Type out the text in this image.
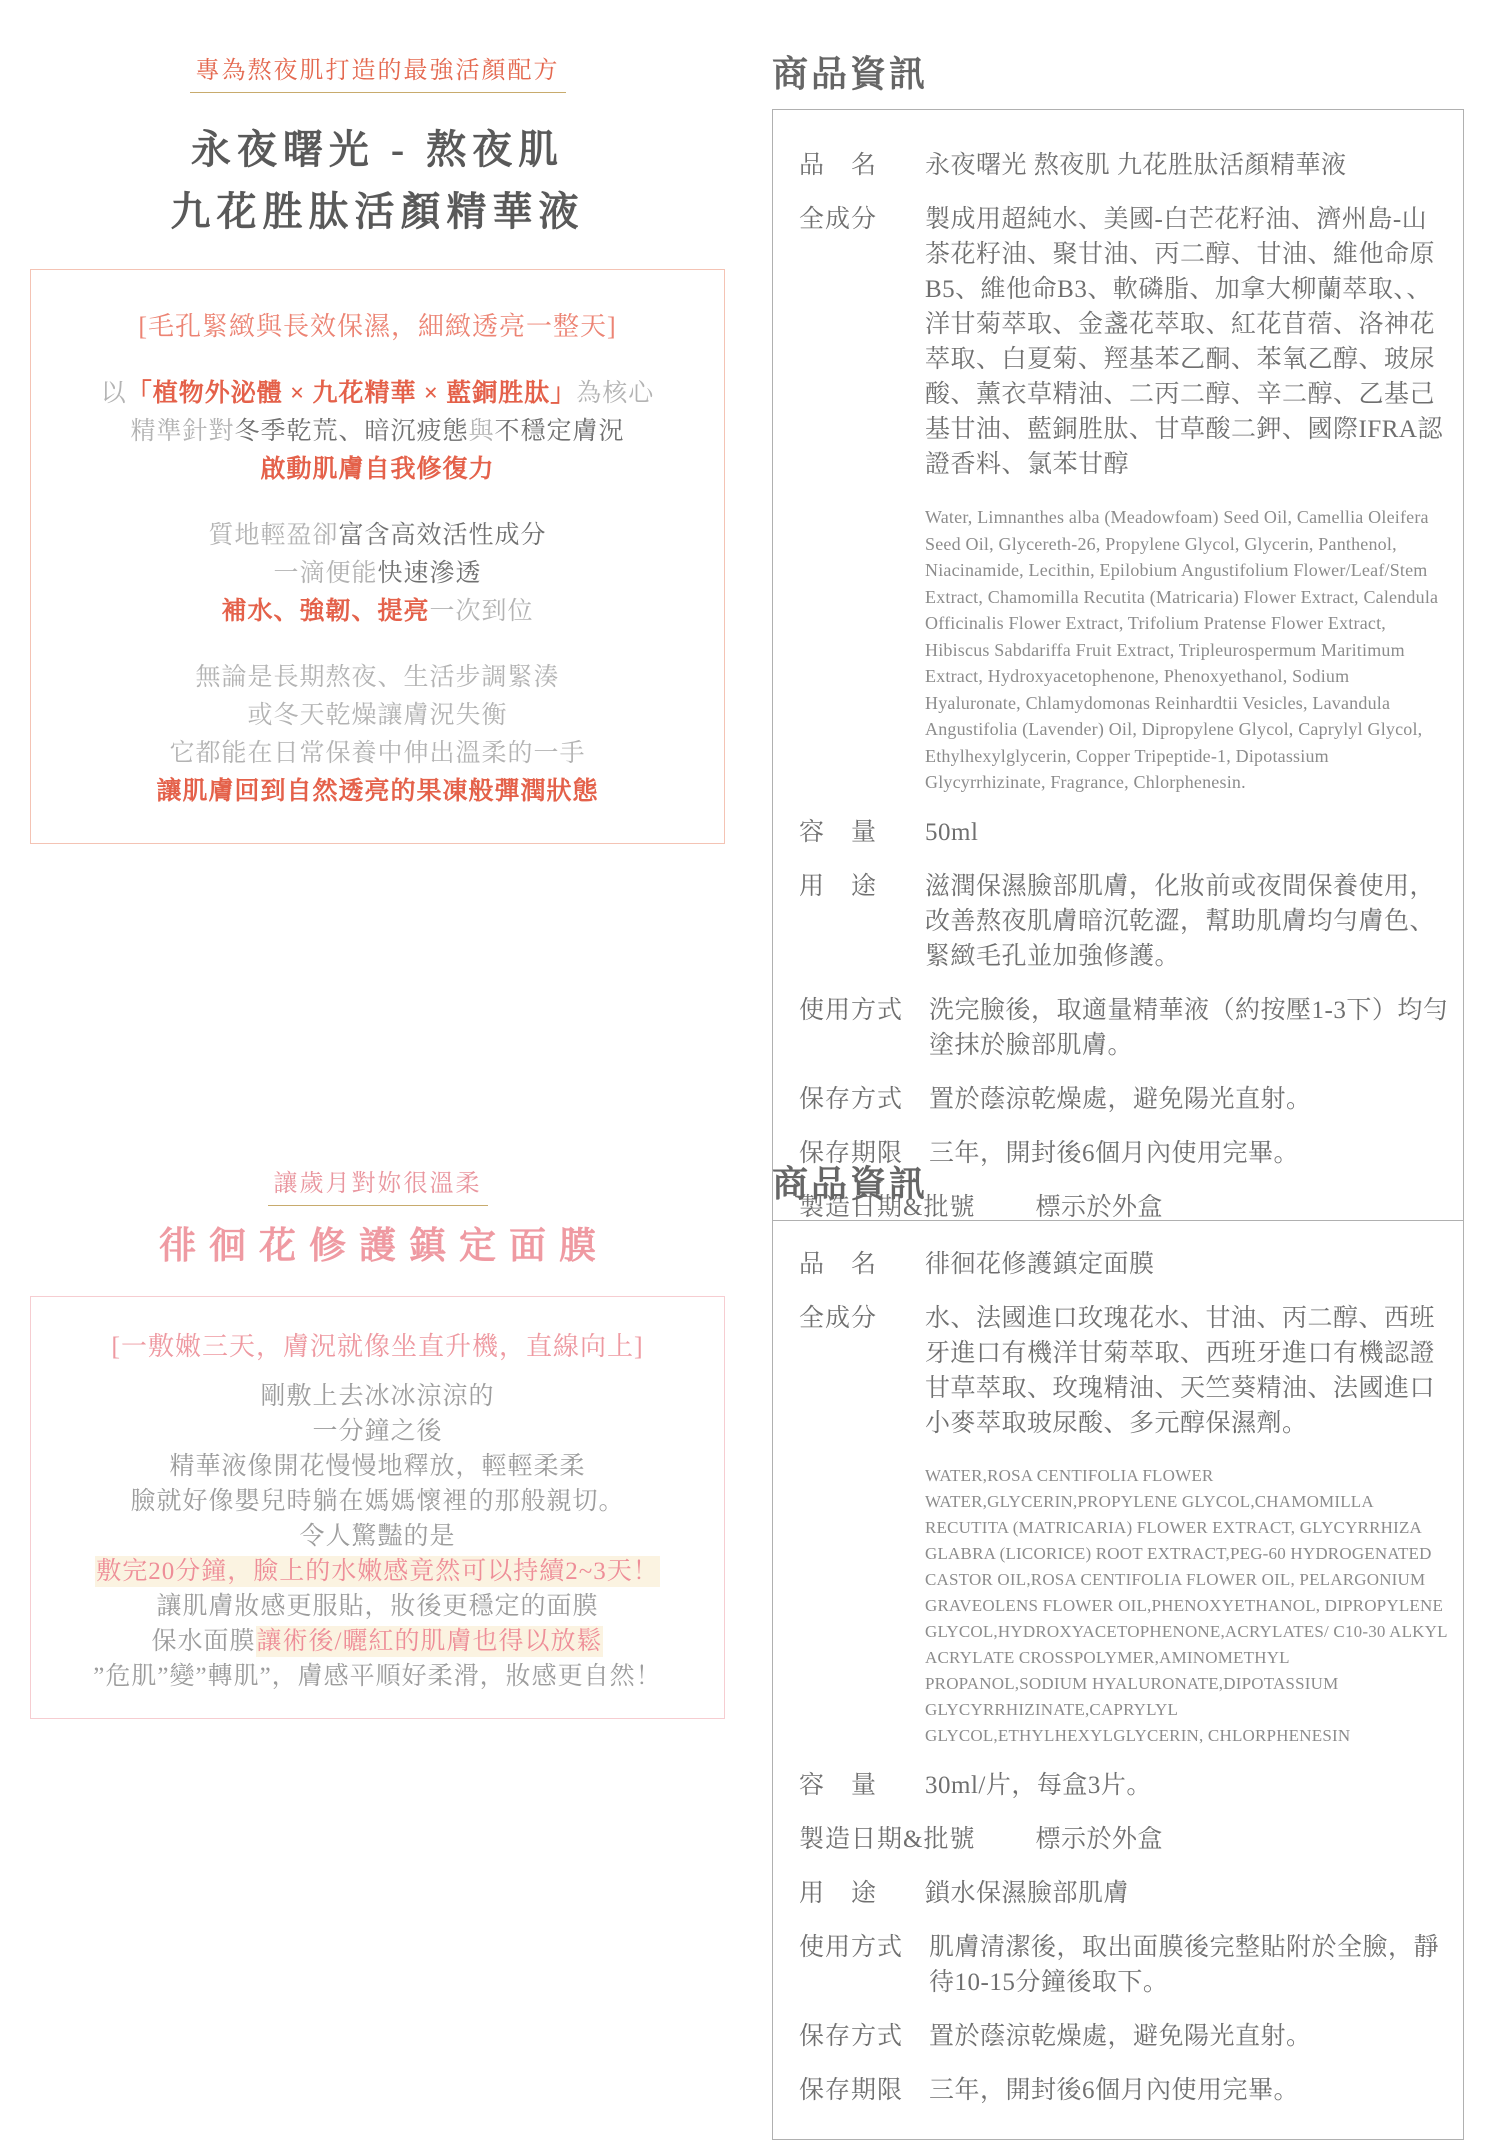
專為熬夜肌打造的最強活顏配方
永夜曙光 - 熬夜肌
九花胜肽活顏精華液
[毛孔緊緻與長效保濕，細緻透亮一整天]
以「植物外泌體 × 九花精華 × 藍銅胜肽」為核心
精準針對冬季乾荒、暗沉疲態與不穩定膚況
啟動肌膚自我修復力
質地輕盈卻富含高效活性成分
一滴便能快速滲透
補水、強韌、提亮一次到位
無論是長期熬夜、生活步調緊湊
或冬天乾燥讓膚況失衡
它都能在日常保養中伸出溫柔的一手
讓肌膚回到自然透亮的果凍般彈潤狀態
讓歲月對妳很溫柔
徘徊花修護鎮定面膜
[一敷嫩三天，膚況就像坐直升機，直線向上]
剛敷上去冰冰涼涼的
一分鐘之後
精華液像開花慢慢地釋放，輕輕柔柔
臉就好像嬰兒時躺在媽媽懷裡的那般親切。
令人驚豔的是
敷完20分鐘，臉上的水嫩感竟然可以持續2~3天！
讓肌膚妝感更服貼，妝後更穩定的面膜
保水面膜讓術後/曬紅的肌膚也得以放鬆
”危肌”變”轉肌”，膚感平順好柔滑，妝感更自然！
商品資訊
品　名	永夜曙光 熬夜肌 九花胜肽活顏精華液
全成分	製成用超純水、美國-白芒花籽油、濟州島-山茶花籽油、聚甘油、丙二醇、甘油、維他命原B5、維他命B3、軟磷脂、加拿大柳蘭萃取、、洋甘菊萃取、金盞花萃取、紅花苜蓿、洛神花萃取、白夏菊、羥基苯乙酮、苯氧乙醇、玻尿酸、薰衣草精油、二丙二醇、辛二醇、乙基己基甘油、藍銅胜肽、甘草酸二鉀、國際IFRA認證香料、氯苯甘醇
Water, Limnanthes alba (Meadowfoam) Seed Oil, Camellia Oleifera Seed Oil, Glycereth-26, Propylene Glycol, Glycerin, Panthenol, Niacinamide, Lecithin, Epilobium Angustifolium Flower/Leaf/Stem Extract, Chamomilla Recutita (Matricaria) Flower Extract, Calendula Officinalis Flower Extract, Trifolium Pratense Flower Extract, Hibiscus Sabdariffa Fruit Extract, Tripleurospermum Maritimum Extract, Hydroxyacetophenone, Phenoxyethanol, Sodium Hyaluronate, Chlamydomonas Reinhardtii Vesicles, Lavandula Angustifolia (Lavender) Oil, Dipropylene Glycol, Caprylyl Glycol, Ethylhexylglycerin, Copper Tripeptide-1, Dipotassium Glycyrrhizinate, Fragrance, Chlorphenesin.
容　量	50ml
用　途	滋潤保濕臉部肌膚，化妝前或夜間保養使用，改善熬夜肌膚暗沉乾澀，幫助肌膚均勻膚色、緊緻毛孔並加強修護。
使用方式 洗完臉後，取適量精華液（約按壓1-3下）均勻塗抹於臉部肌膚。
保存方式 置於蔭涼乾燥處，避免陽光直射。
保存期限 三年，開封後6個月內使用完畢。
製造日期&批號	標示於外盒
商品資訊
品　名	徘徊花修護鎮定面膜
全成分	水、法國進口玫瑰花水、甘油、丙二醇、西班牙進口有機洋甘菊萃取、西班牙進口有機認證甘草萃取、玫瑰精油、天竺葵精油、法國進口小麥萃取玻尿酸、多元醇保濕劑。
WATER,ROSA CENTIFOLIA FLOWER WATER,GLYCERIN,PROPYLENE GLYCOL,CHAMOMILLA RECUTITA (MATRICARIA) FLOWER EXTRACT, GLYCYRRHIZA GLABRA (LICORICE) ROOT EXTRACT,PEG-60 HYDROGENATED CASTOR OIL,ROSA CENTIFOLIA FLOWER OIL, PELARGONIUM GRAVEOLENS FLOWER OIL,PHENOXYETHANOL, DIPROPYLENE GLYCOL,HYDROXYACETOPHENONE,ACRYLATES/ C10-30 ALKYL ACRYLATE CROSSPOLYMER,AMINOMETHYL PROPANOL,SODIUM HYALURONATE,DIPOTASSIUM GLYCYRRHIZINATE,CAPRYLYL GLYCOL,ETHYLHEXYLGLYCERIN, CHLORPHENESIN
容　量	30ml/片，每盒3片。
製造日期&批號	標示於外盒
用　途	鎖水保濕臉部肌膚
使用方式 肌膚清潔後，取出面膜後完整貼附於全臉，靜待10-15分鐘後取下。
保存方式 置於蔭涼乾燥處，避免陽光直射。
保存期限 三年，開封後6個月內使用完畢。
